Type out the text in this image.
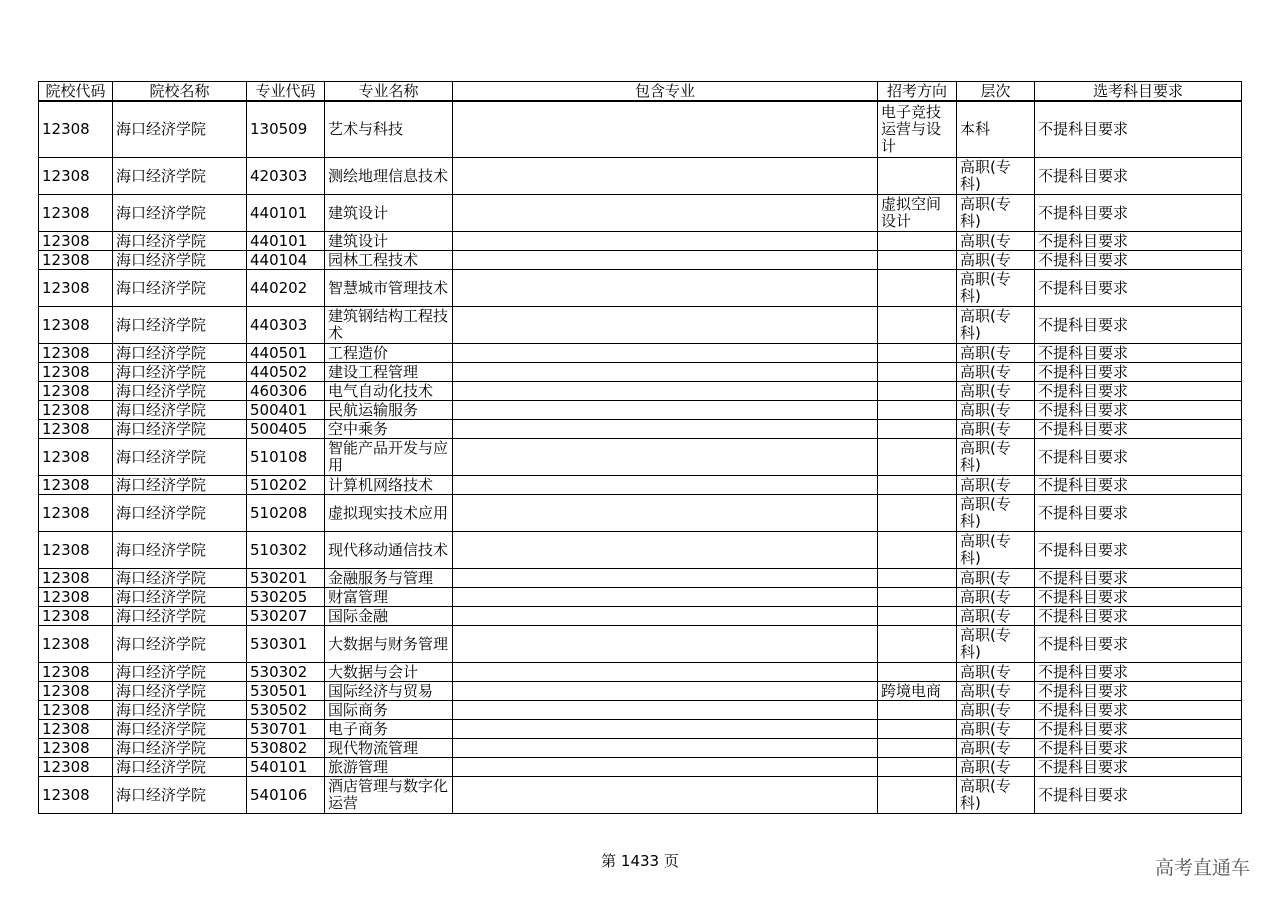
院校代码	院校名称	专业代码	专业名称	包含专业	招考方向	层次	选考科目要求
12308	海口经济学院	130509	艺术与科技		电子竞技运营与设计	本科	不提科目要求
12308	海口经济学院	420303	测绘地理信息技术			高职(专科)	不提科目要求
12308	海口经济学院	440101	建筑设计		虚拟空间设计	高职(专科)	不提科目要求
12308	海口经济学院	440101	建筑设计			高职(专	不提科目要求
12308	海口经济学院	440104	园林工程技术			高职(专	不提科目要求
12308	海口经济学院	440202	智慧城市管理技术			高职(专科)	不提科目要求
12308	海口经济学院	440303	建筑钢结构工程技术			高职(专科)	不提科目要求
12308	海口经济学院	440501	工程造价			高职(专	不提科目要求
12308	海口经济学院	440502	建设工程管理			高职(专	不提科目要求
12308	海口经济学院	460306	电气自动化技术			高职(专	不提科目要求
12308	海口经济学院	500401	民航运输服务			高职(专	不提科目要求
12308	海口经济学院	500405	空中乘务			高职(专	不提科目要求
12308	海口经济学院	510108	智能产品开发与应用			高职(专科)	不提科目要求
12308	海口经济学院	510202	计算机网络技术			高职(专	不提科目要求
12308	海口经济学院	510208	虚拟现实技术应用			高职(专科)	不提科目要求
12308	海口经济学院	510302	现代移动通信技术			高职(专科)	不提科目要求
12308	海口经济学院	530201	金融服务与管理			高职(专	不提科目要求
12308	海口经济学院	530205	财富管理			高职(专	不提科目要求
12308	海口经济学院	530207	国际金融			高职(专	不提科目要求
12308	海口经济学院	530301	大数据与财务管理			高职(专科)	不提科目要求
12308	海口经济学院	530302	大数据与会计			高职(专	不提科目要求
12308	海口经济学院	530501	国际经济与贸易		跨境电商	高职(专	不提科目要求
12308	海口经济学院	530502	国际商务			高职(专	不提科目要求
12308	海口经济学院	530701	电子商务			高职(专	不提科目要求
12308	海口经济学院	530802	现代物流管理			高职(专	不提科目要求
12308	海口经济学院	540101	旅游管理			高职(专	不提科目要求
12308	海口经济学院	540106	酒店管理与数字化运营			高职(专科)	不提科目要求
第 1433 页	高考直通车
